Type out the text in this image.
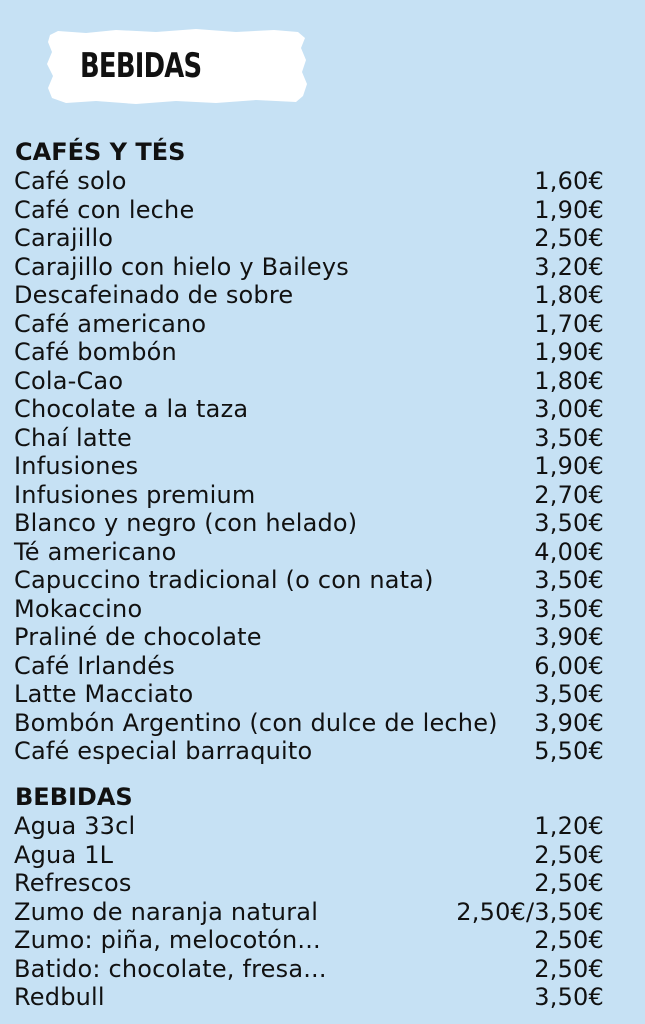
BEBIDAS
CAFÉS Y TÉS
Café solo	1,60€
Café con leche	1,90€
Carajillo	2,50€
Carajillo con hielo y Baileys	3,20€
Descafeinado de sobre	1,80€
Café americano	1,70€
Café bombón	1,90€
Cola-Cao	1,80€
Chocolate a la taza	3,00€
Chaí latte	3,50€
Infusiones	1,90€
Infusiones premium	2,70€
Blanco y negro (con helado)	3,50€
Té americano	4,00€
Capuccino tradicional (o con nata)	3,50€
Mokaccino	3,50€
Praliné de chocolate	3,90€
Café Irlandés	6,00€
Latte Macciato	3,50€
Bombón Argentino (con dulce de leche) 3,90€
Café especial barraquito	5,50€
BEBIDAS
Agua 33cl	1,20€
Agua 1L	2,50€
Refrescos	2,50€
Zumo de naranja natural	2,50€/3,50€
Zumo: piña, melocotón...	2,50€
Batido: chocolate, fresa...	2,50€
Redbull	3,50€
